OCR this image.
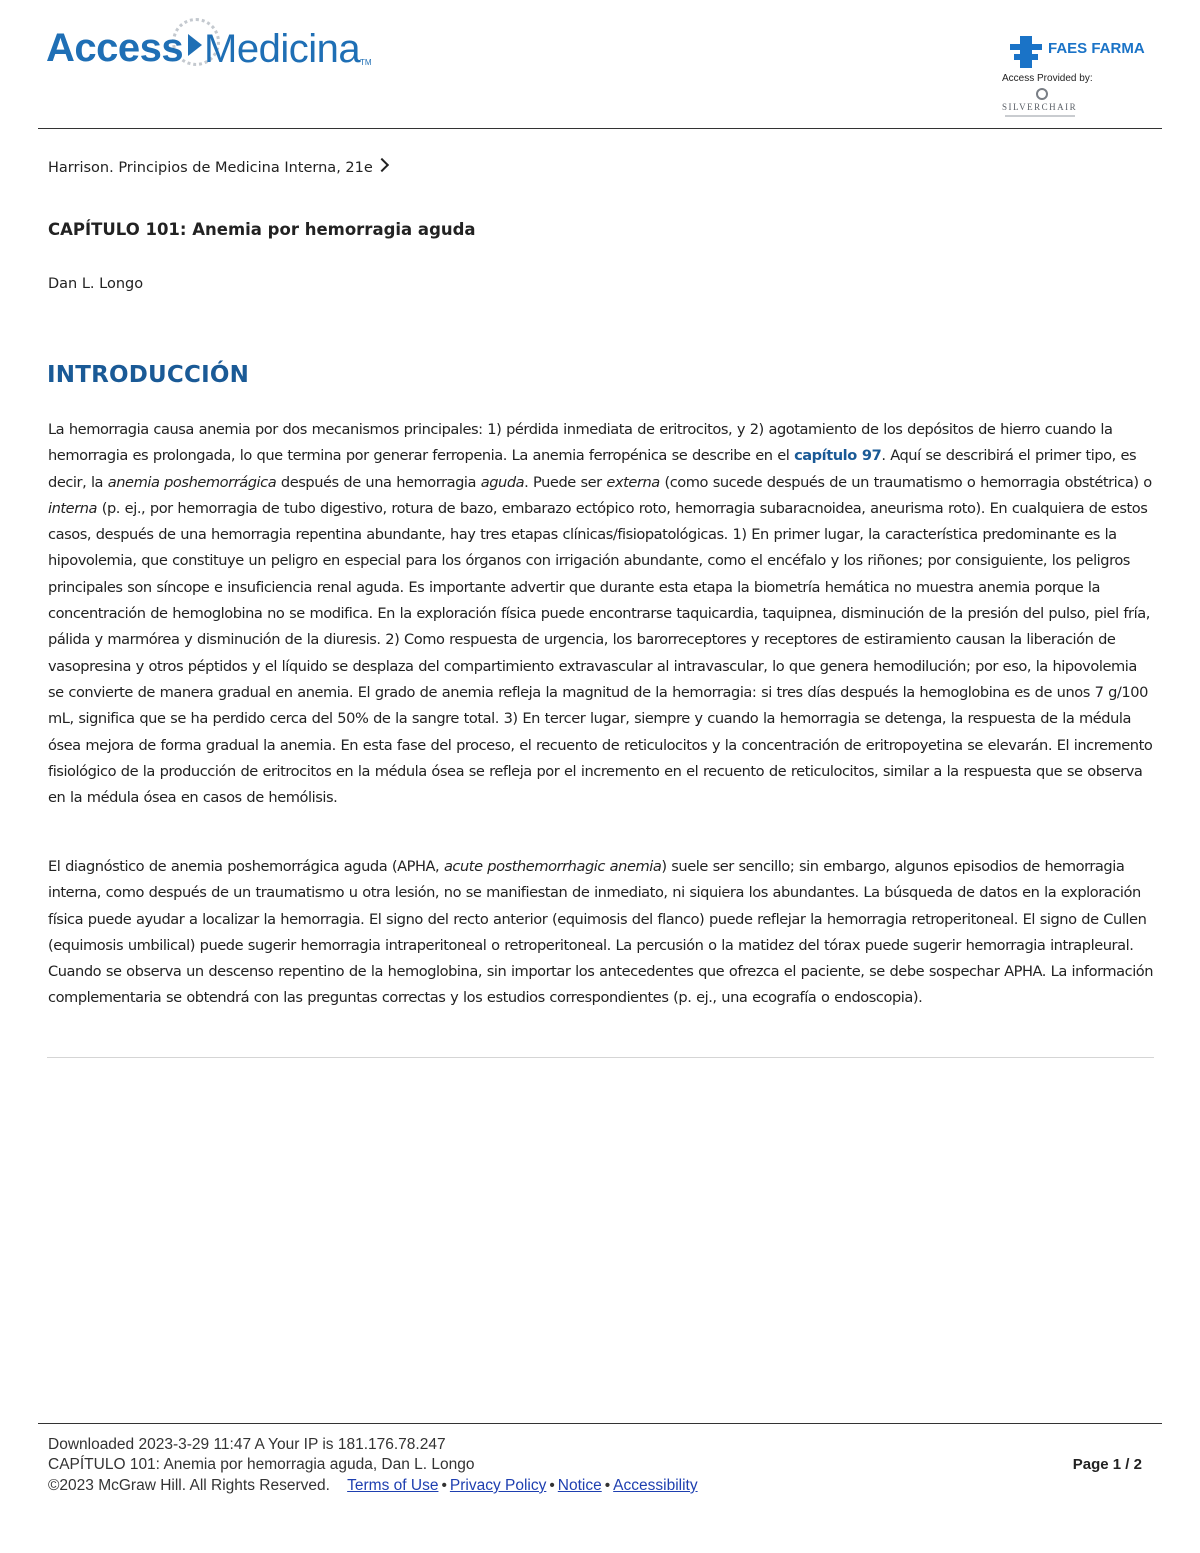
Access Medicina TM
FAES FARMA
Access Provided by:
SILVERCHAIR
Harrison. Principios de Medicina Interna, 21e
CAPÍTULO 101: Anemia por hemorragia aguda
Dan L. Longo
INTRODUCCIÓN

La hemorragia causa anemia por dos mecanismos principales: 1) pérdida inmediata de eritrocitos, y 2) agotamiento de los depósitos de hierro cuando la hemorragia es prolongada, lo que termina por generar ferropenia. La anemia ferropénica se describe en el capítulo 97. Aquí se describirá el primer tipo, es decir, la anemia poshemorrágica después de una hemorragia aguda. Puede ser externa (como sucede después de un traumatismo o hemorragia obstétrica) o interna (p. ej., por hemorragia de tubo digestivo, rotura de bazo, embarazo ectópico roto, hemorragia subaracnoidea, aneurisma roto). En cualquiera de estos casos, después de una hemorragia repentina abundante, hay tres etapas clínicas/fisiopatológicas. 1) En primer lugar, la característica predominante es la hipovolemia, que constituye un peligro en especial para los órganos con irrigación abundante, como el encéfalo y los riñones; por consiguiente, los peligros principales son síncope e insuficiencia renal aguda. Es importante advertir que durante esta etapa la biometría hemática no muestra anemia porque la concentración de hemoglobina no se modifica. En la exploración física puede encontrarse taquicardia, taquipnea, disminución de la presión del pulso, piel fría, pálida y marmórea y disminución de la diuresis. 2) Como respuesta de urgencia, los barorreceptores y receptores de estiramiento causan la liberación de vasopresina y otros péptidos y el líquido se desplaza del compartimiento extravascular al intravascular, lo que genera hemodilución; por eso, la hipovolemia se convierte de manera gradual en anemia. El grado de anemia refleja la magnitud de la hemorragia: si tres días después la hemoglobina es de unos 7 g/100 mL, significa que se ha perdido cerca del 50% de la sangre total. 3) En tercer lugar, siempre y cuando la hemorragia se detenga, la respuesta de la médula ósea mejora de forma gradual la anemia. En esta fase del proceso, el recuento de reticulocitos y la concentración de eritropoyetina se elevarán. El incremento fisiológico de la producción de eritrocitos en la médula ósea se refleja por el incremento en el recuento de reticulocitos, similar a la respuesta que se observa en la médula ósea en casos de hemólisis.

El diagnóstico de anemia poshemorrágica aguda (APHA, acute posthemorrhagic anemia) suele ser sencillo; sin embargo, algunos episodios de hemorragia interna, como después de un traumatismo u otra lesión, no se manifiestan de inmediato, ni siquiera los abundantes. La búsqueda de datos en la exploración física puede ayudar a localizar la hemorragia. El signo del recto anterior (equimosis del flanco) puede reflejar la hemorragia retroperitoneal. El signo de Cullen (equimosis umbilical) puede sugerir hemorragia intraperitoneal o retroperitoneal. La percusión o la matidez del tórax puede sugerir hemorragia intrapleural. Cuando se observa un descenso repentino de la hemoglobina, sin importar los antecedentes que ofrezca el paciente, se debe sospechar APHA. La información complementaria se obtendrá con las preguntas correctas y los estudios correspondientes (p. ej., una ecografía o endoscopia).

Downloaded 2023-3-29 11:47 A Your IP is 181.176.78.247
CAPÍTULO 101: Anemia por hemorragia aguda, Dan L. Longo
©2023 McGraw Hill. All Rights Reserved. Terms of Use • Privacy Policy • Notice • Accessibility
Page 1 / 2
